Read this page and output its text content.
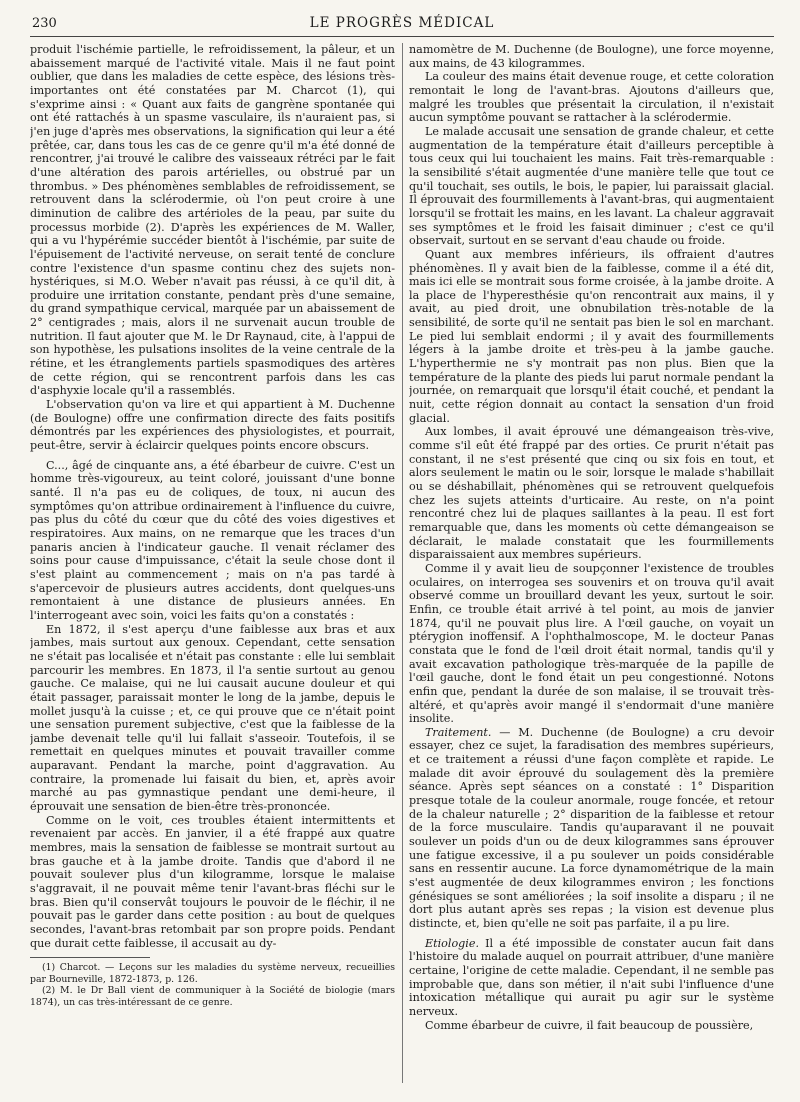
230	LE PROGRÈS MÉDICAL

produit l'ischémie partielle, le refroidissement, la pâleur, et un abaissement marqué de l'activité vitale. Mais il ne faut point oublier, que dans les maladies de cette espèce, des lésions très-importantes ont été constatées par M. Charcot (1), qui s'exprime ainsi : « Quant aux faits de gangrène spontanée qui ont été rattachés à un spasme vasculaire, ils n'auraient pas, si j'en juge d'après mes observations, la signification qui leur a été prêtée, car, dans tous les cas de ce genre qu'il m'a été donné de rencontrer, j'ai trouvé le calibre des vaisseaux rétréci par le fait d'une altération des parois artérielles, ou obstrué par un thrombus. » Des phénomènes semblables de refroidissement, se retrouvent dans la sclérodermie, où l'on peut croire à une diminution de calibre des artérioles de la peau, par suite du processus morbide (2). D'après les expériences de M. Waller, qui a vu l'hypérémie succéder bientôt à l'ischémie, par suite de l'épuisement de l'activité nerveuse, on serait tenté de conclure contre l'existence d'un spasme continu chez des sujets non-hystériques, si M.O. Weber n'avait pas réussi, à ce qu'il dit, à produire une irritation constante, pendant près d'une semaine, du grand sympathique cervical, marquée par un abaissement de 2° centigrades ; mais, alors il ne survenait aucun trouble de nutrition. Il faut ajouter que M. le Dr Raynaud, cite, à l'appui de son hypothèse, les pulsations insolites de la veine centrale de la rétine, et les étranglements partiels spasmodiques des artères de cette région, qui se rencontrent parfois dans les cas d'asphyxie locale qu'il a rassemblés.

L'observation qu'on va lire et qui appartient à M. Duchenne (de Boulogne) offre une confirmation directe des faits positifs démontrés par les expériences des physiologistes, et pourrait, peut-être, servir à éclaircir quelques points encore obscurs.

C..., âgé de cinquante ans, a été ébarbeur de cuivre. C'est un homme très-vigoureux, au teint coloré, jouissant d'une bonne santé. Il n'a pas eu de coliques, de toux, ni aucun des symptômes qu'on attribue ordinairement à l'influence du cuivre, pas plus du côté du cœur que du côté des voies digestives et respiratoires. Aux mains, on ne remarque que les traces d'un panaris ancien à l'indicateur gauche. Il venait réclamer des soins pour cause d'impuissance, c'était la seule chose dont il s'est plaint au commencement ; mais on n'a pas tardé à s'apercevoir de plusieurs autres accidents, dont quelques-uns remontaient à une distance de plusieurs années. En l'interrogeant avec soin, voici les faits qu'on a constatés :

En 1872, il s'est aperçu d'une faiblesse aux bras et aux jambes, mais surtout aux genoux. Cependant, cette sensation ne s'était pas localisée et n'était pas constante : elle lui semblait parcourir les membres. En 1873, il l'a sentie surtout au genou gauche. Ce malaise, qui ne lui causait aucune douleur et qui était passager, paraissait monter le long de la jambe, depuis le mollet jusqu'à la cuisse ; et, ce qui prouve que ce n'était point une sensation purement subjective, c'est que la faiblesse de la jambe devenait telle qu'il lui fallait s'asseoir. Toutefois, il se remettait en quelques minutes et pouvait travailler comme auparavant. Pendant la marche, point d'aggravation. Au contraire, la promenade lui faisait du bien, et, après avoir marché au pas gymnastique pendant une demi-heure, il éprouvait une sensation de bien-être très-prononcée.

Comme on le voit, ces troubles étaient intermittents et revenaient par accès. En janvier, il a été frappé aux quatre membres, mais la sensation de faiblesse se montrait surtout au bras gauche et à la jambe droite. Tandis que d'abord il ne pouvait soulever plus d'un kilogramme, lorsque le malaise s'aggravait, il ne pouvait même tenir l'avant-bras fléchi sur le bras. Bien qu'il conservât toujours le pouvoir de le fléchir, il ne pouvait pas le garder dans cette position : au bout de quelques secondes, l'avant-bras retombait par son propre poids. Pendant que durait cette faiblesse, il accusait au dy-

(1) Charcot. — Leçons sur les maladies du système nerveux, recueillies par Bourneville, 1872-1873, p. 126.

(2) M. le Dr Ball vient de communiquer à la Société de biologie (mars 1874), un cas très-intéressant de ce genre.

namomètre de M. Duchenne (de Boulogne), une force moyenne, aux mains, de 43 kilogrammes.

La couleur des mains était devenue rouge, et cette coloration remontait le long de l'avant-bras. Ajoutons d'ailleurs que, malgré les troubles que présentait la circulation, il n'existait aucun symptôme pouvant se rattacher à la sclérodermie.

Le malade accusait une sensation de grande chaleur, et cette augmentation de la température était d'ailleurs perceptible à tous ceux qui lui touchaient les mains. Fait très-remarquable : la sensibilité s'était augmentée d'une manière telle que tout ce qu'il touchait, ses outils, le bois, le papier, lui paraissait glacial. Il éprouvait des fourmillements à l'avant-bras, qui augmentaient lorsqu'il se frottait les mains, en les lavant. La chaleur aggravait ses symptômes et le froid les faisait diminuer ; c'est ce qu'il observait, surtout en se servant d'eau chaude ou froide.

Quant aux membres inférieurs, ils offraient d'autres phénomènes. Il y avait bien de la faiblesse, comme il a été dit, mais ici elle se montrait sous forme croisée, à la jambe droite. A la place de l'hyperesthésie qu'on rencontrait aux mains, il y avait, au pied droit, une obnubilation très-notable de la sensibilité, de sorte qu'il ne sentait pas bien le sol en marchant. Le pied lui semblait endormi ; il y avait des fourmillements légers à la jambe droite et très-peu à la jambe gauche. L'hyperthermie ne s'y montrait pas non plus. Bien que la température de la plante des pieds lui parut normale pendant la journée, on remarquait que lorsqu'il était couché, et pendant la nuit, cette région donnait au contact la sensation d'un froid glacial.

Aux lombes, il avait éprouvé une démangeaison très-vive, comme s'il eût été frappé par des orties. Ce prurit n'était pas constant, il ne s'est présenté que cinq ou six fois en tout, et alors seulement le matin ou le soir, lorsque le malade s'habillait ou se déshabillait, phénomènes qui se retrouvent quelquefois chez les sujets atteints d'urticaire. Au reste, on n'a point rencontré chez lui de plaques saillantes à la peau. Il est fort remarquable que, dans les moments où cette démangeaison se déclarait, le malade constatait que les fourmillements disparaissaient aux membres supérieurs.

Comme il y avait lieu de soupçonner l'existence de troubles oculaires, on interrogea ses souvenirs et on trouva qu'il avait observé comme un brouillard devant les yeux, surtout le soir. Enfin, ce trouble était arrivé à tel point, au mois de janvier 1874, qu'il ne pouvait plus lire. A l'œil gauche, on voyait un ptérygion inoffensif. A l'ophthalmoscope, M. le docteur Panas constata que le fond de l'œil droit était normal, tandis qu'il y avait excavation pathologique très-marquée de la papille de l'œil gauche, dont le fond était un peu congestionné. Notons enfin que, pendant la durée de son malaise, il se trouvait très-altéré, et qu'après avoir mangé il s'endormait d'une manière insolite.

Traitement. — M. Duchenne (de Boulogne) a cru devoir essayer, chez ce sujet, la faradisation des membres supérieurs, et ce traitement a réussi d'une façon complète et rapide. Le malade dit avoir éprouvé du soulagement dès la première séance. Après sept séances on a constaté : 1° Disparition presque totale de la couleur anormale, rouge foncée, et retour de la chaleur naturelle ; 2° disparition de la faiblesse et retour de la force musculaire. Tandis qu'auparavant il ne pouvait soulever un poids d'un ou de deux kilogrammes sans éprouver une fatigue excessive, il a pu soulever un poids considérable sans en ressentir aucune. La force dynamométrique de la main s'est augmentée de deux kilogrammes environ ; les fonctions génésiques se sont améliorées ; la soif insolite a disparu ; il ne dort plus autant après ses repas ; la vision est devenue plus distincte, et, bien qu'elle ne soit pas parfaite, il a pu lire.

Etiologie. Il a été impossible de constater aucun fait dans l'histoire du malade auquel on pourrait attribuer, d'une manière certaine, l'origine de cette maladie. Cependant, il ne semble pas improbable que, dans son métier, il n'ait subi l'influence d'une intoxication métallique qui aurait pu agir sur le système nerveux.

Comme ébarbeur de cuivre, il fait beaucoup de poussière,
